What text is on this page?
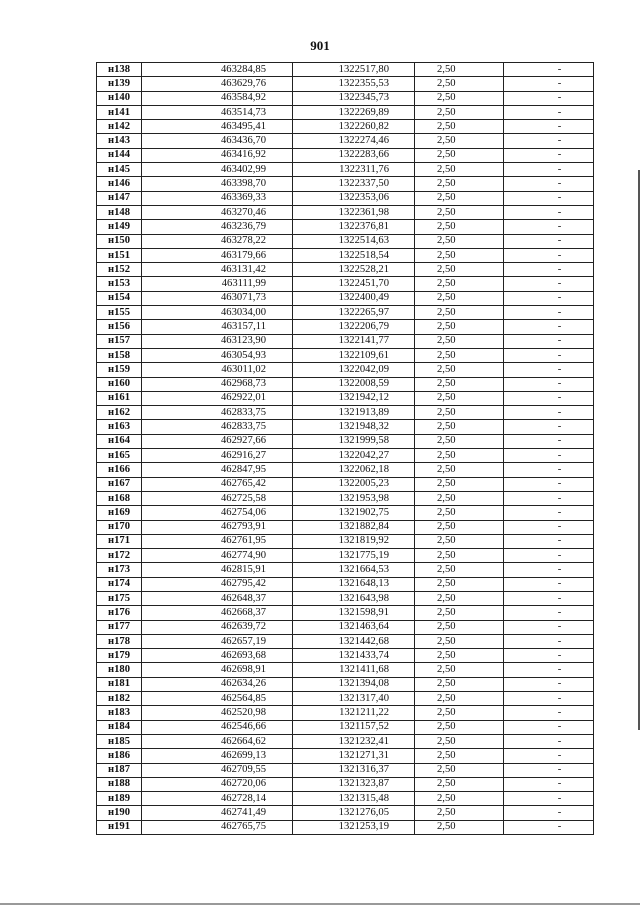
901
н138	463284,85	1322517,80	2,50	-
н139	463629,76	1322355,53	2,50	-
н140	463584,92	1322345,73	2,50	-
н141	463514,73	1322269,89	2,50	-
н142	463495,41	1322260,82	2,50	-
н143	463436,70	1322274,46	2,50	-
н144	463416,92	1322283,66	2,50	-
н145	463402,99	1322311,76	2,50	-
н146	463398,70	1322337,50	2,50	-
н147	463369,33	1322353,06	2,50	-
н148	463270,46	1322361,98	2,50	-
н149	463236,79	1322376,81	2,50	-
н150	463278,22	1322514,63	2,50	-
н151	463179,66	1322518,54	2,50	-
н152	463131,42	1322528,21	2,50	-
н153	463111,99	1322451,70	2,50	-
н154	463071,73	1322400,49	2,50	-
н155	463034,00	1322265,97	2,50	-
н156	463157,11	1322206,79	2,50	-
н157	463123,90	1322141,77	2,50	-
н158	463054,93	1322109,61	2,50	-
н159	463011,02	1322042,09	2,50	-
н160	462968,73	1322008,59	2,50	-
н161	462922,01	1321942,12	2,50	-
н162	462833,75	1321913,89	2,50	-
н163	462833,75	1321948,32	2,50	-
н164	462927,66	1321999,58	2,50	-
н165	462916,27	1322042,27	2,50	-
н166	462847,95	1322062,18	2,50	-
н167	462765,42	1322005,23	2,50	-
н168	462725,58	1321953,98	2,50	-
н169	462754,06	1321902,75	2,50	-
н170	462793,91	1321882,84	2,50	-
н171	462761,95	1321819,92	2,50	-
н172	462774,90	1321775,19	2,50	-
н173	462815,91	1321664,53	2,50	-
н174	462795,42	1321648,13	2,50	-
н175	462648,37	1321643,98	2,50	-
н176	462668,37	1321598,91	2,50	-
н177	462639,72	1321463,64	2,50	-
н178	462657,19	1321442,68	2,50	-
н179	462693,68	1321433,74	2,50	-
н180	462698,91	1321411,68	2,50	-
н181	462634,26	1321394,08	2,50	-
н182	462564,85	1321317,40	2,50	-
н183	462520,98	1321211,22	2,50	-
н184	462546,66	1321157,52	2,50	-
н185	462664,62	1321232,41	2,50	-
н186	462699,13	1321271,31	2,50	-
н187	462709,55	1321316,37	2,50	-
н188	462720,06	1321323,87	2,50	-
н189	462728,14	1321315,48	2,50	-
н190	462741,49	1321276,05	2,50	-
н191	462765,75	1321253,19	2,50	-
